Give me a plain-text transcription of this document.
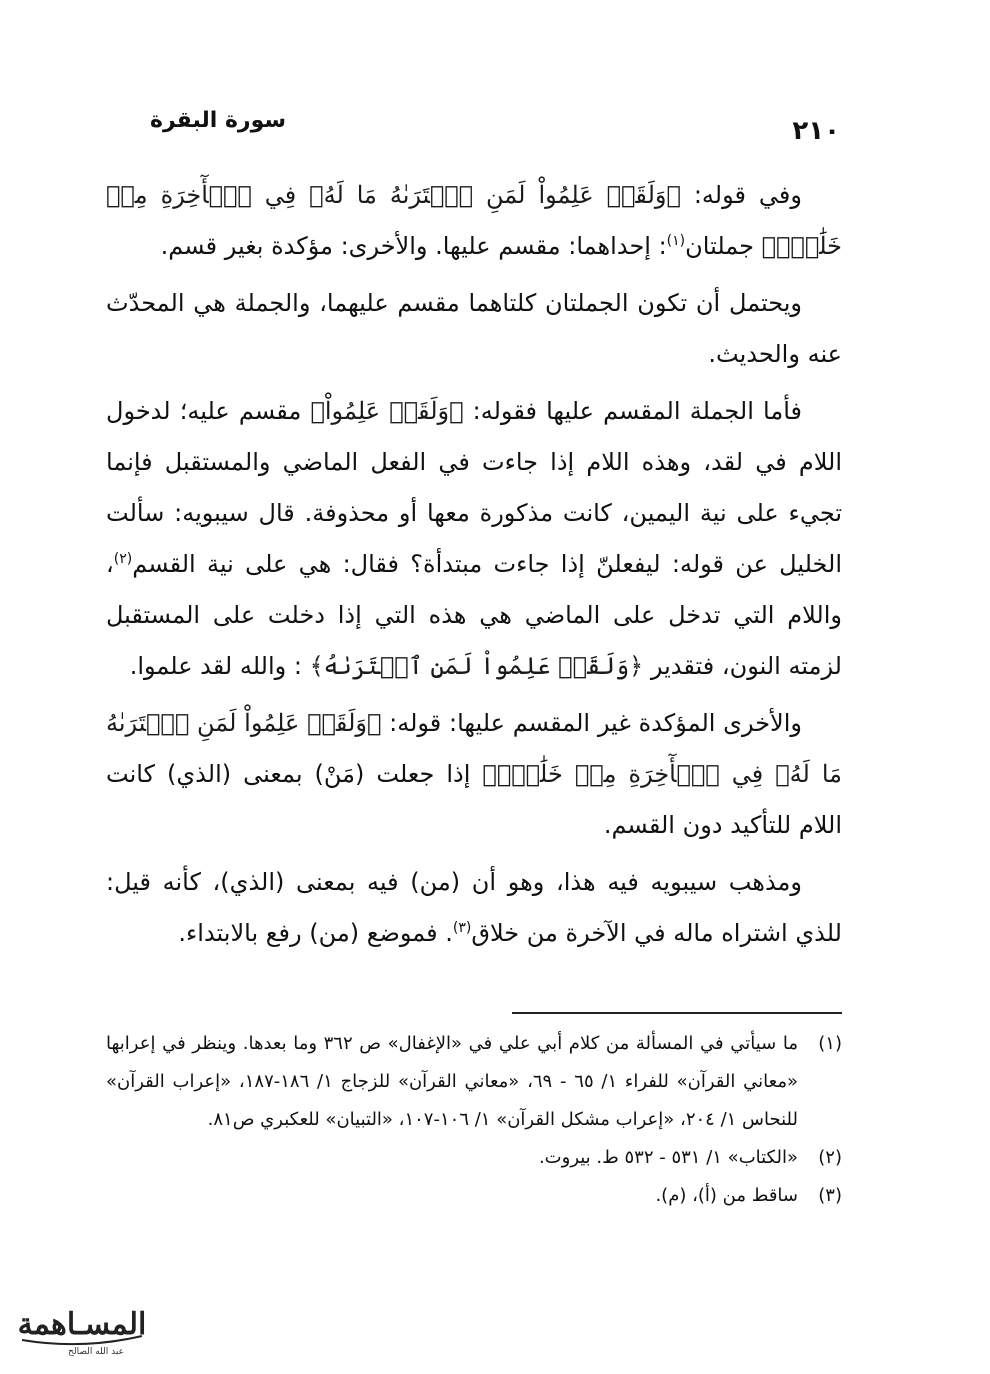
٢١٠
سورة البقرة

وفي قوله: ﴿وَلَقَدۡ عَلِمُواْ لَمَنِ ٱشۡتَرَىٰهُ مَا لَهُۥ فِي ٱلۡأٓخِرَةِ مِنۡ خَلَٰقٖۚ﴾ جملتان$^{(١)}$: إحداهما: مقسم عليها. والأخرى: مؤكدة بغير قسم.

ويحتمل أن تكون الجملتان كلتاهما مقسم عليهما، والجملة هي المحدّث عنه والحديث.

فأما الجملة المقسم عليها فقوله: ﴿وَلَقَدۡ عَلِمُواْ﴾ مقسم عليه؛ لدخول اللام في لقد، وهذه اللام إذا جاءت في الفعل الماضي والمستقبل فإنما تجيء على نية اليمين، كانت مذكورة معها أو محذوفة. قال سيبويه: سألت الخليل عن قوله: ليفعلنّ إذا جاءت مبتدأة؟ فقال: هي على نية القسم$^{(٢)}$، واللام التي تدخل على الماضي هي هذه التي إذا دخلت على المستقبل لزمته النون، فتقدير ﴿وَلَقَدۡ عَلِمُواْ لَمَنِ ٱشۡتَرَىٰهُ﴾ : والله لقد علموا.

والأخرى المؤكدة غير المقسم عليها: قوله: ﴿وَلَقَدۡ عَلِمُواْ لَمَنِ ٱشۡتَرَىٰهُ مَا لَهُۥ فِي ٱلۡأٓخِرَةِ مِنۡ خَلَٰقٖۚ﴾ إذا جعلت (مَنْ) بمعنى (الذي) كانت اللام للتأكيد دون القسم.

ومذهب سيبويه فيه هذا، وهو أن (من) فيه بمعنى (الذي)، كأنه قيل: للذي اشتراه ماله في الآخرة من خلاق$^{(٣)}$. فموضع (من) رفع بالابتداء.

(١)
ما سيأتي في المسألة من كلام أبي علي في «الإغفال» ص ٣٦٢ وما بعدها. وينظر في إعرابها «معاني القرآن» للفراء ١/ ٦٥ - ٦٩، «معاني القرآن» للزجاج ١/ ١٨٦-١٨٧، «إعراب القرآن» للنحاس ١/ ٢٠٤، «إعراب مشكل القرآن» ١/ ١٠٦-١٠٧، «التبيان» للعكبري ص٨١.
(٢)
«الكتاب» ١/ ٥٣١ - ٥٣٢ ط. بيروت.
(٣)
ساقط من (أ)، (م).
المسـاهمة
عبد الله الصالح
